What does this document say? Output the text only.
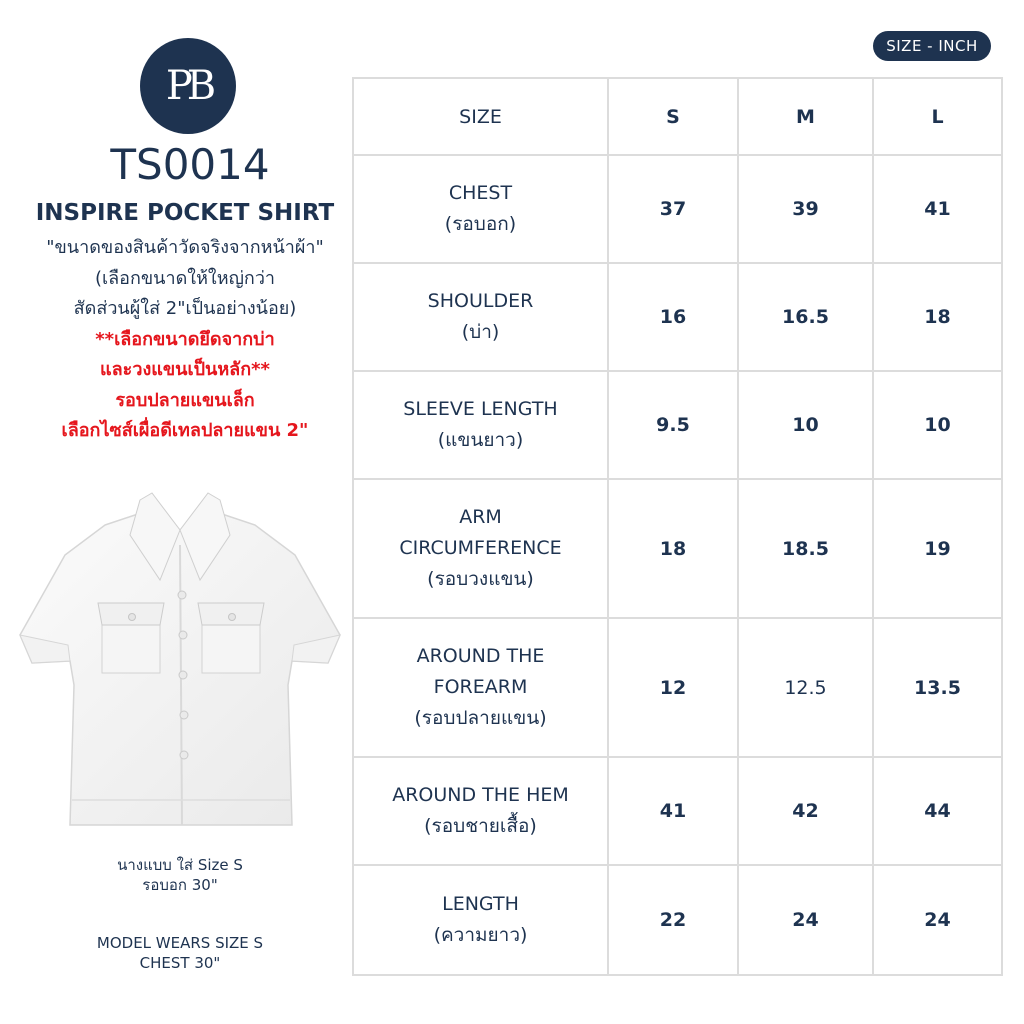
PB
TS0014
INSPIRE POCKET SHIRT
"ขนาดของสินค้าวัดจริงจากหน้าผ้า"
(เลือกขนาดให้ใหญ่กว่า
สัดส่วนผู้ใส่ 2"เป็นอย่างน้อย)
**เลือกขนาดยึดจากบ่า
และวงแขนเป็นหลัก**
รอบปลายแขนเล็ก
เลือกไซส์เผื่อดีเทลปลายแขน 2"
นางแบบ ใส่ Size S
รอบอก 30"
MODEL WEARS SIZE S
CHEST 30"
SIZE - INCH
SIZE	S	M	L

CHEST
(รอบอก)	37	39	41

SHOULDER
(บ่า)	16	16.5	18

SLEEVE LENGTH
(แขนยาว)	9.5	10	10

ARM
CIRCUMFERENCE
(รอบวงแขน)	18	18.5	19

AROUND THE
FOREARM
(รอบปลายแขน)	12	12.5	13.5

AROUND THE HEM
(รอบชายเสื้อ)	41	42	44

LENGTH
(ความยาว)	22	24	24
